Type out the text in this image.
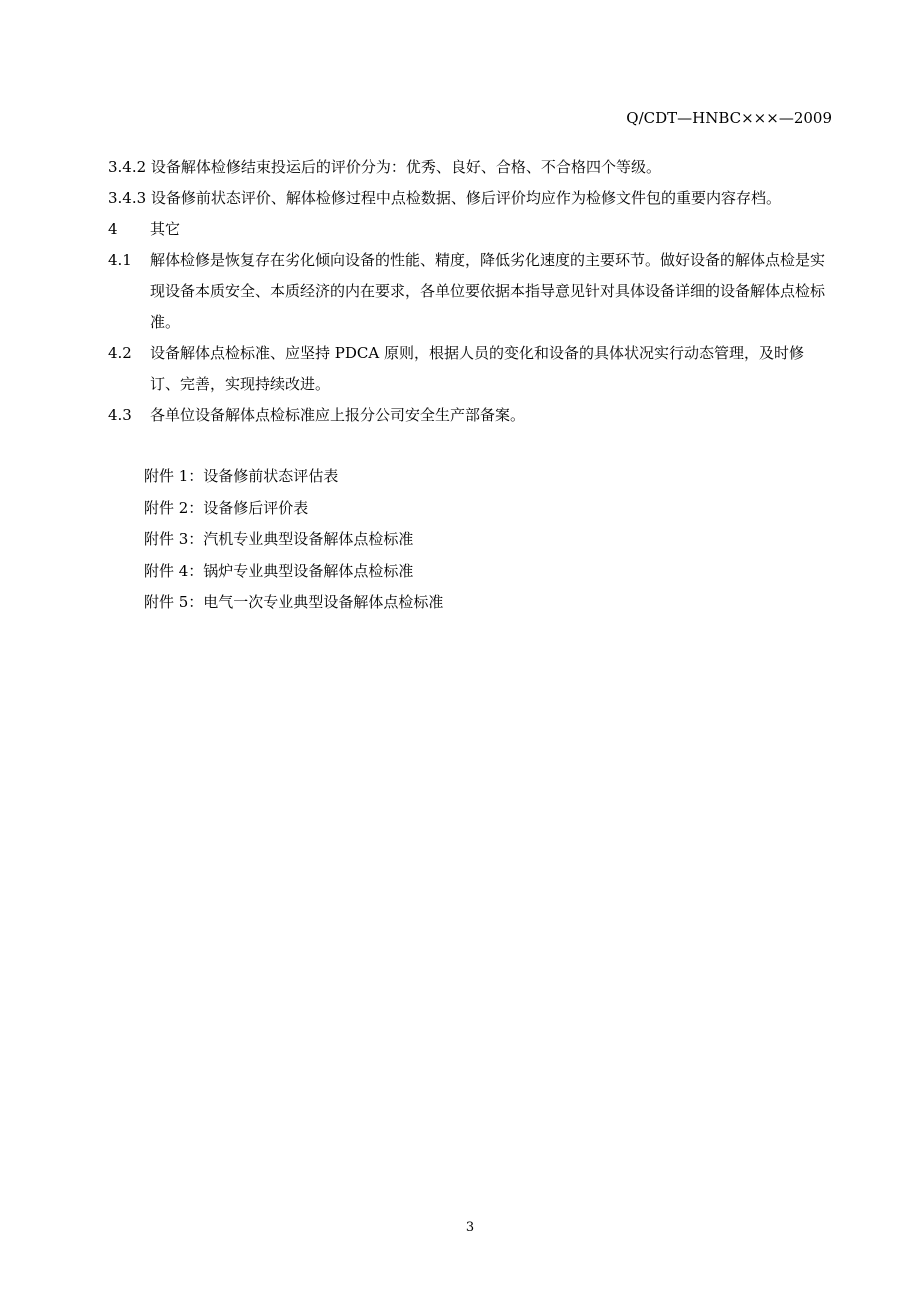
Q/CDT—HNBC×××—2009

3.4.2 设备解体检修结束投运后的评价分为：优秀、良好、合格、不合格四个等级。

3.4.3 设备修前状态评价、解体检修过程中点检数据、修后评价均应作为检修文件包的重要内容存档。

4	其它
4.1	解体检修是恢复存在劣化倾向设备的性能、精度，降低劣化速度的主要环节。做好设备的解体点检是实现设备本质安全、本质经济的内在要求，各单位要依据本指导意见针对具体设备详细的设备解体点检标准。
4.2	设备解体点检标准、应坚持 PDCA 原则，根据人员的变化和设备的具体状况实行动态管理，及时修订、完善，实现持续改进。
4.3	各单位设备解体点检标准应上报分公司安全生产部备案。
附件 1：设备修前状态评估表
附件 2：设备修后评价表
附件 3：汽机专业典型设备解体点检标准
附件 4：锅炉专业典型设备解体点检标准
附件 5：电气一次专业典型设备解体点检标准
3
